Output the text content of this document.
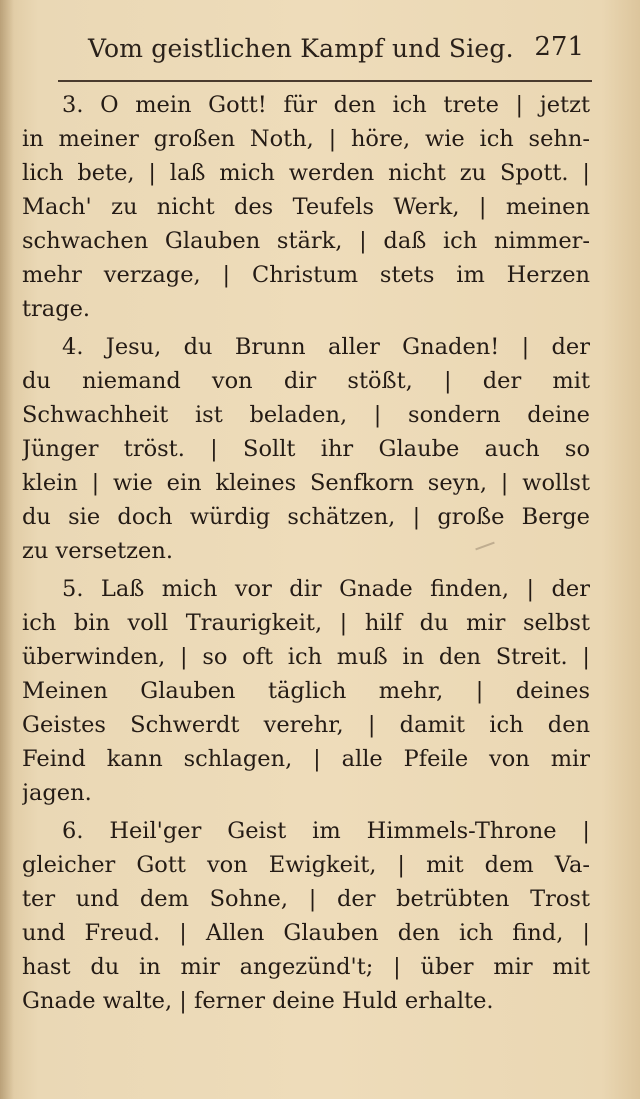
Vom geistlichen Kampf und Sieg. 271
3. O mein Gott! für den ich trete | jetzt
in meiner großen Noth, | höre, wie ich sehn-
lich bete, | laß mich werden nicht zu Spott. |
Mach' zu nicht des Teufels Werk, | meinen
schwachen Glauben stärk, | daß ich nimmer-
mehr verzage, | Christum stets im Herzen
trage.
4. Jesu, du Brunn aller Gnaden! | der
du niemand von dir stößt, | der mit
Schwachheit ist beladen, | sondern deine
Jünger tröst. | Sollt ihr Glaube auch so
klein | wie ein kleines Senfkorn seyn, | wollst
du sie doch würdig schätzen, | große Berge
zu versetzen.
5. Laß mich vor dir Gnade finden, | der
ich bin voll Traurigkeit, | hilf du mir selbst
überwinden, | so oft ich muß in den Streit. |
Meinen Glauben täglich mehr, | deines
Geistes Schwerdt verehr, | damit ich den
Feind kann schlagen, | alle Pfeile von mir
jagen.
6. Heil'ger Geist im Himmels-Throne |
gleicher Gott von Ewigkeit, | mit dem Va-
ter und dem Sohne, | der betrübten Trost
und Freud. | Allen Glauben den ich find, |
hast du in mir angezünd't; | über mir mit
Gnade walte, | ferner deine Huld erhalte.
